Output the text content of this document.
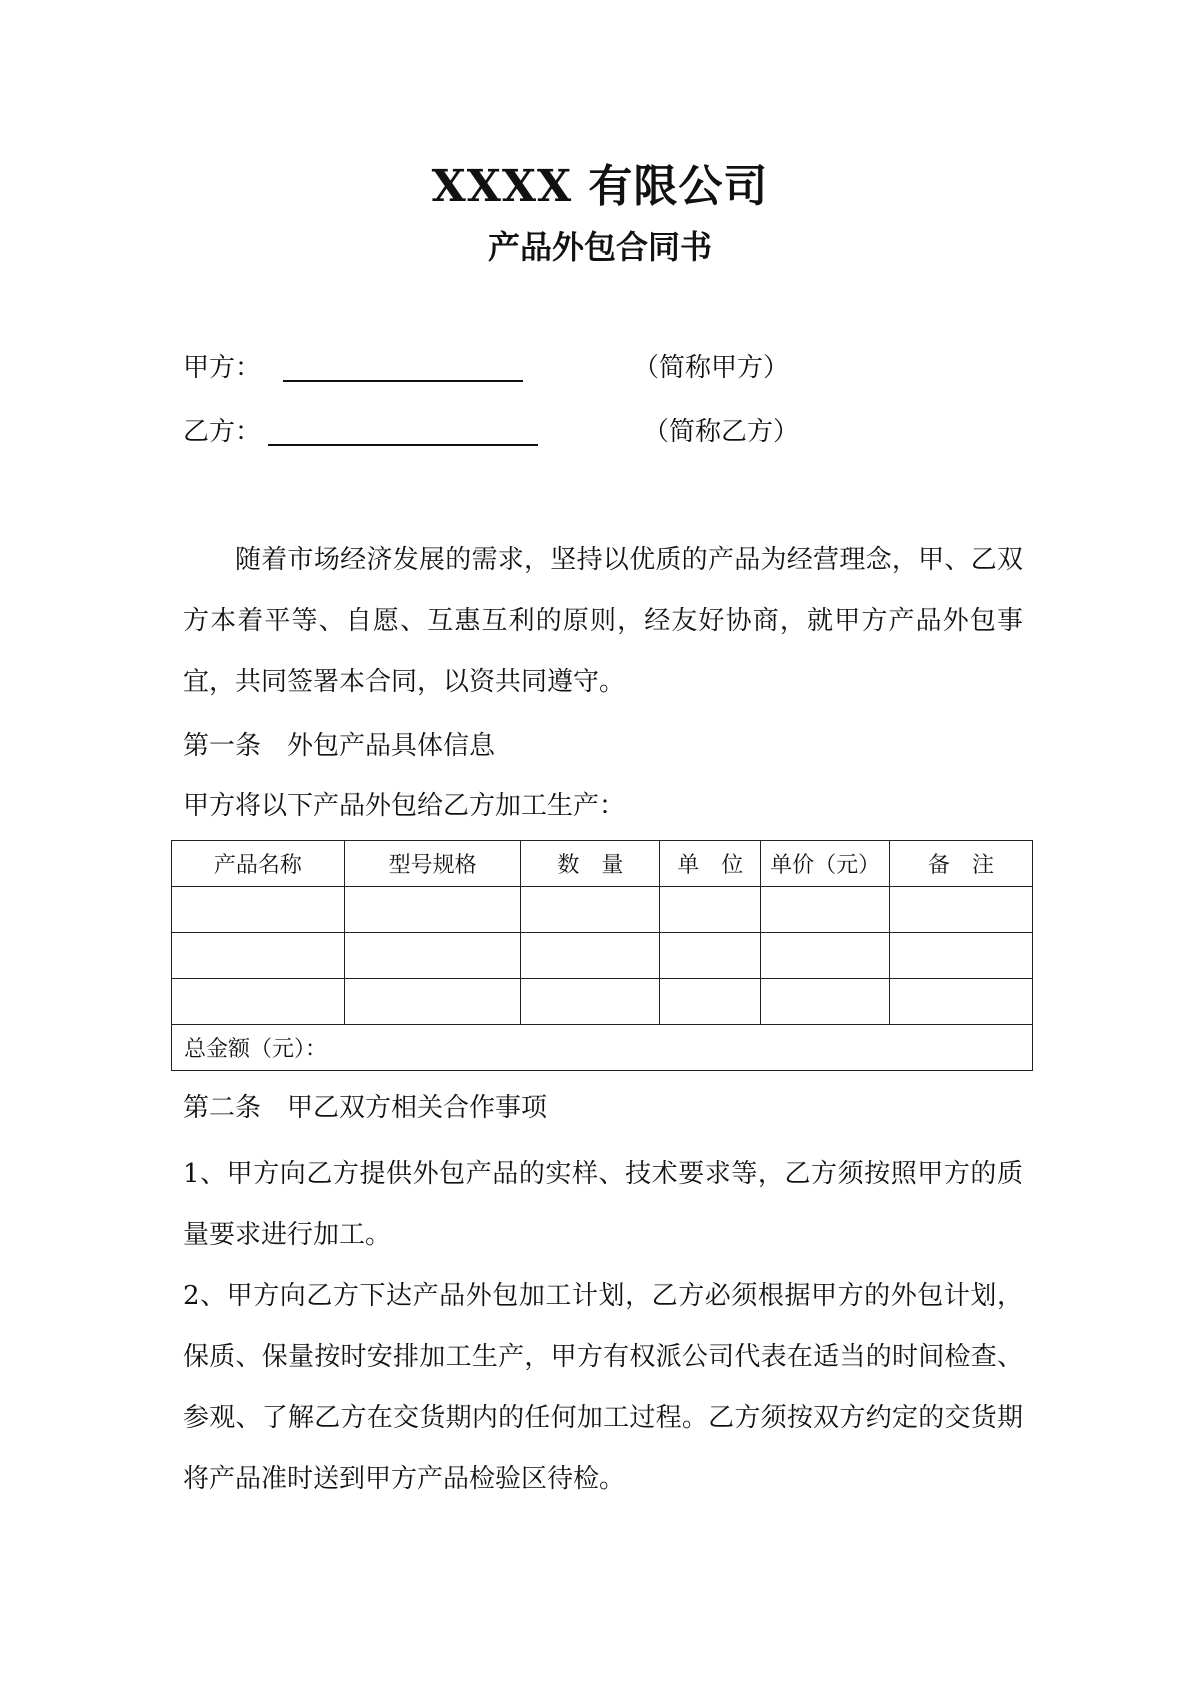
XXXX 有限公司
产品外包合同书
甲方：	（简称甲方）
乙方：	（简称乙方）

随着市场经济发展的需求，坚持以优质的产品为经营理念，甲、乙双方本着平等、自愿、互惠互利的原则，经友好协商，就甲方产品外包事宜，共同签署本合同，以资共同遵守。

第一条　外包产品具体信息
甲方将以下产品外包给乙方加工生产：
产品名称	型号规格	数　量	单　位	单价（元）	备　注

总金额（元）：					
第二条　甲乙双方相关合作事项

1、甲方向乙方提供外包产品的实样、技术要求等，乙方须按照甲方的质量要求进行加工。

2、甲方向乙方下达产品外包加工计划，乙方必须根据甲方的外包计划，保质、保量按时安排加工生产，甲方有权派公司代表在适当的时间检查、参观、了解乙方在交货期内的任何加工过程。乙方须按双方约定的交货期将产品准时送到甲方产品检验区待检。
